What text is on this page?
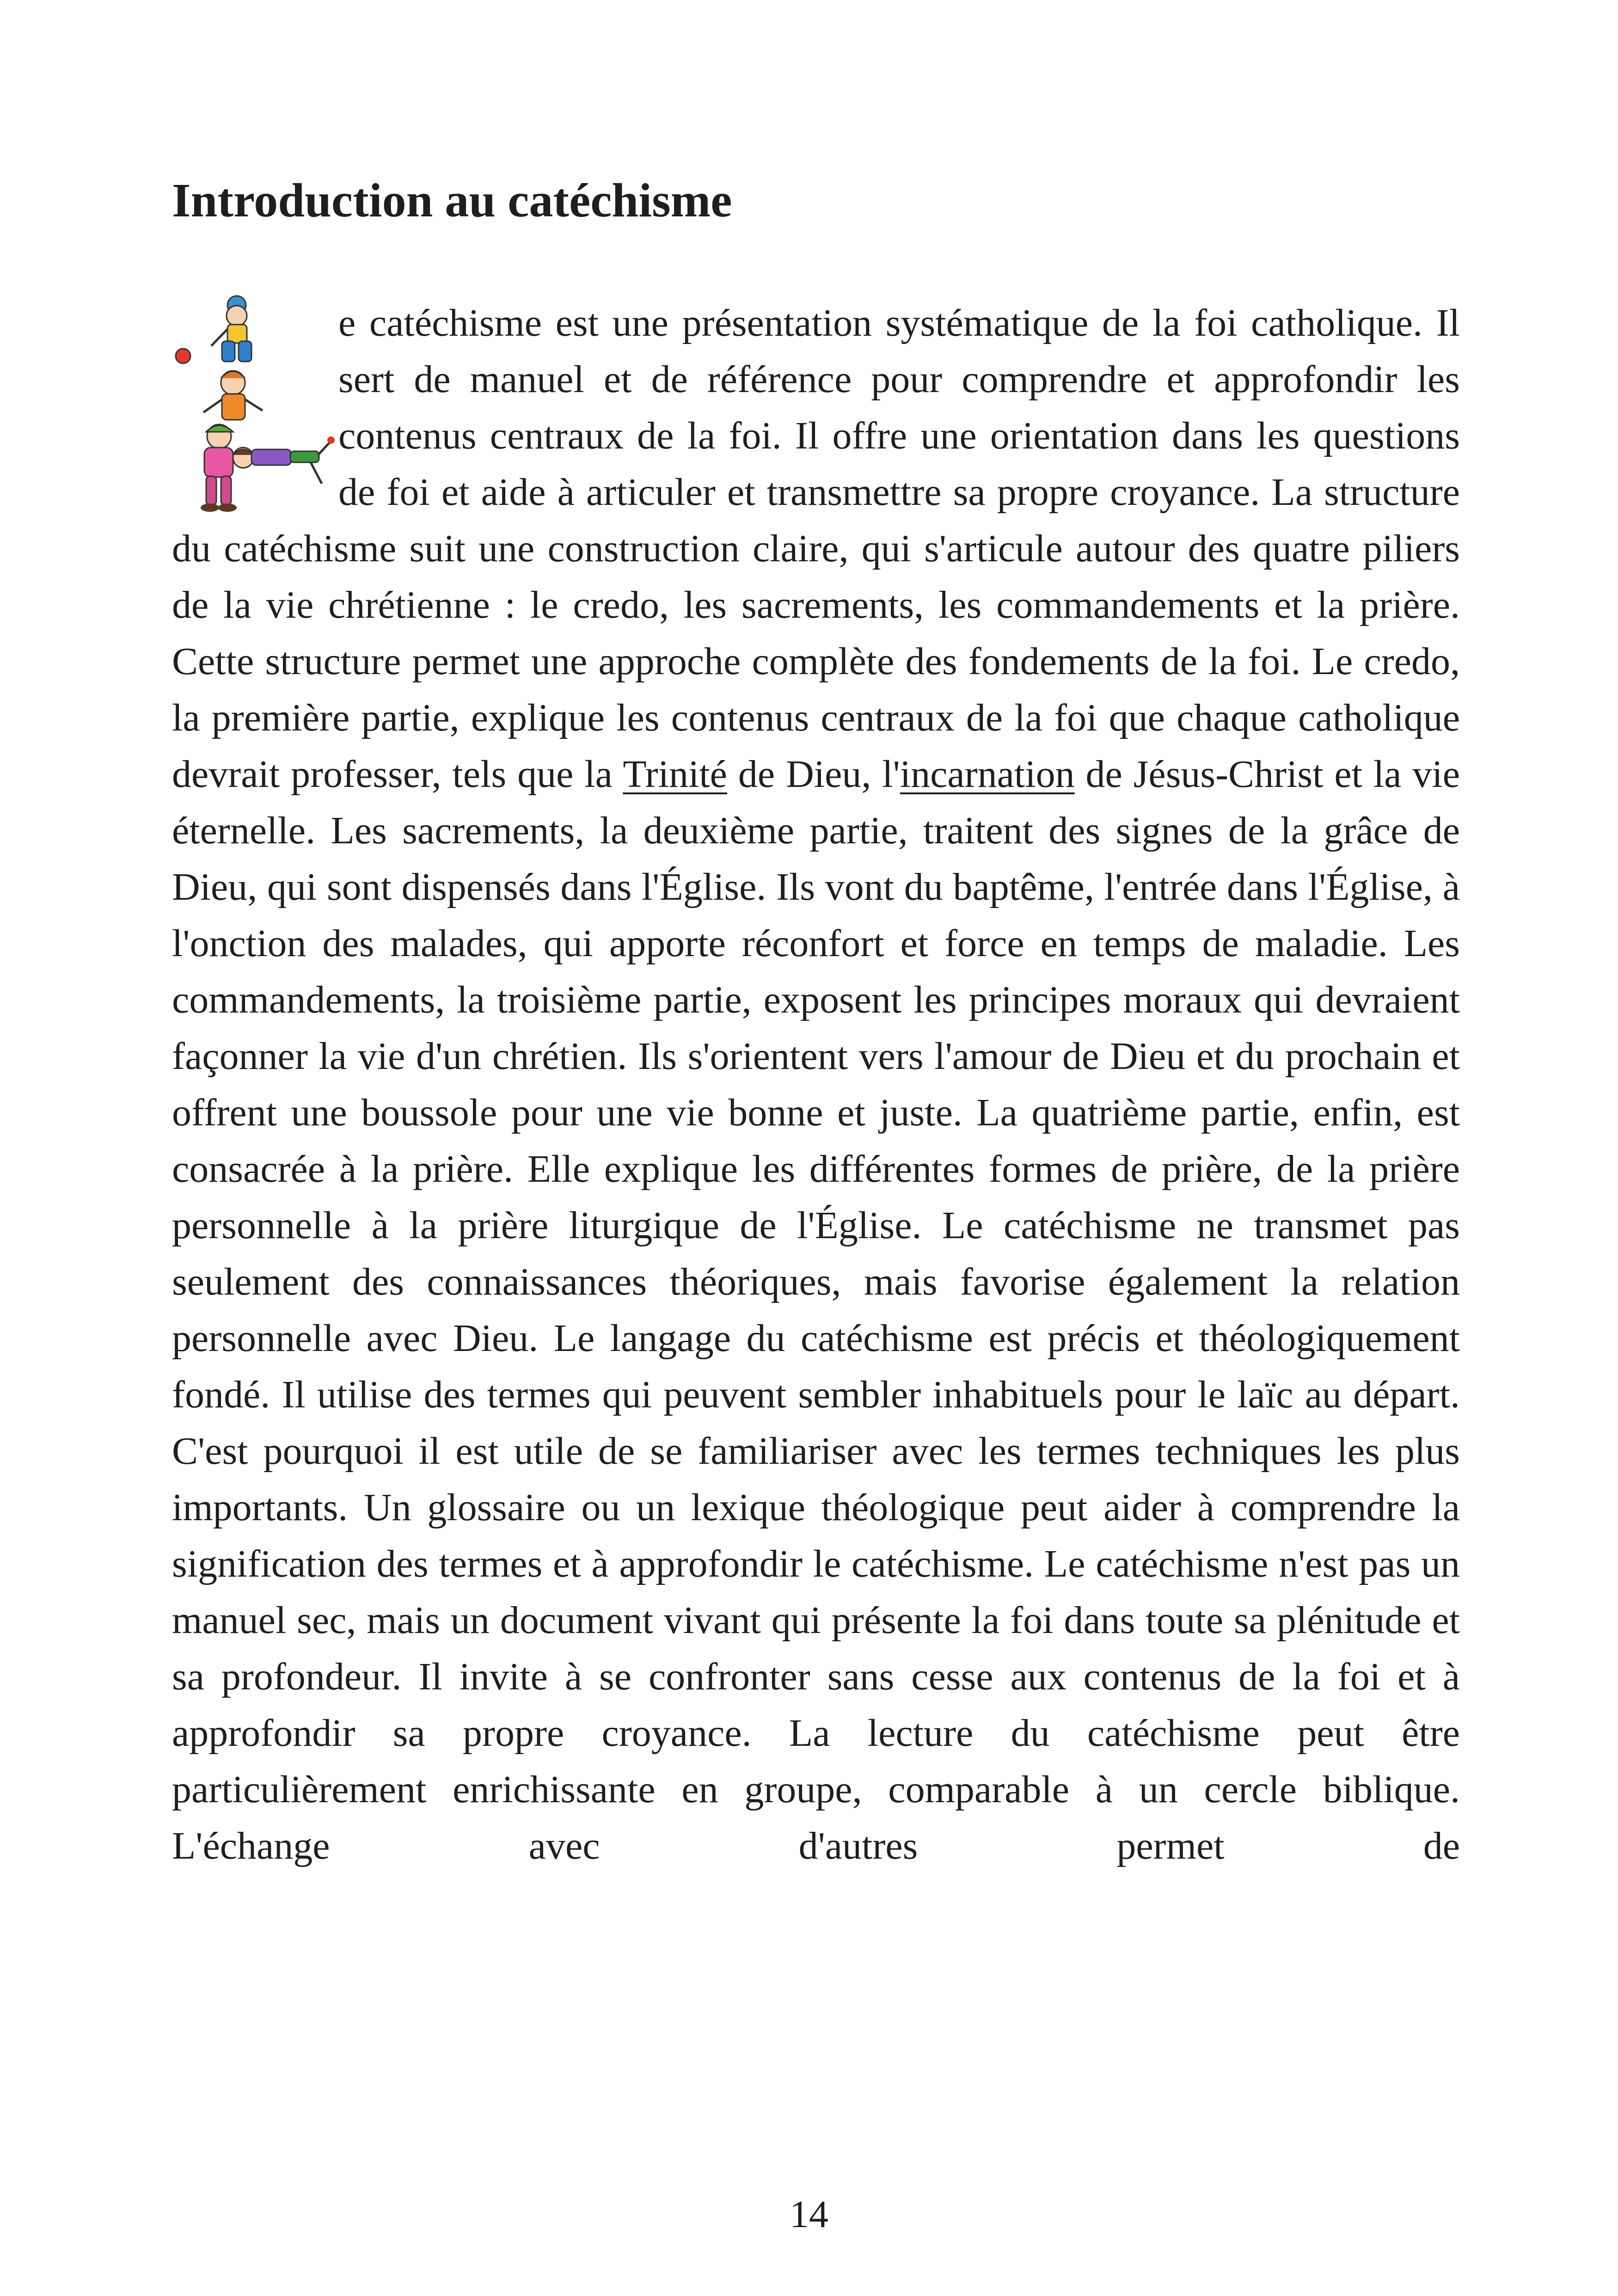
Introduction au catéchisme
e catéchisme est une présentation systématique de la foi catholique. Il sert de manuel et de référence pour comprendre et approfondir les contenus centraux de la foi. Il offre une orientation dans les questions de foi et aide à articuler et transmettre sa propre croyance. La structure du catéchisme suit une construction claire, qui s'articule autour des quatre piliers de la vie chrétienne : le credo, les sacrements, les commandements et la prière. Cette structure permet une approche complète des fondements de la foi. Le credo, la première partie, explique les contenus centraux de la foi que chaque catholique devrait professer, tels que la Trinité de Dieu, l'incarnation de Jésus-Christ et la vie éternelle. Les sacrements, la deuxième partie, traitent des signes de la grâce de Dieu, qui sont dispensés dans l'Église. Ils vont du baptême, l'entrée dans l'Église, à l'onction des malades, qui apporte réconfort et force en temps de maladie. Les commandements, la troisième partie, exposent les principes moraux qui devraient façonner la vie d'un chrétien. Ils s'orientent vers l'amour de Dieu et du prochain et offrent une boussole pour une vie bonne et juste. La quatrième partie, enfin, est consacrée à la prière. Elle explique les différentes formes de prière, de la prière personnelle à la prière liturgique de l'Église. Le catéchisme ne transmet pas seulement des connaissances théoriques, mais favorise également la relation personnelle avec Dieu. Le langage du catéchisme est précis et théologiquement fondé. Il utilise des termes qui peuvent sembler inhabituels pour le laïc au départ. C'est pourquoi il est utile de se familiariser avec les termes techniques les plus importants. Un glossaire ou un lexique théologique peut aider à comprendre la signification des termes et à approfondir le catéchisme. Le catéchisme n'est pas un manuel sec, mais un document vivant qui présente la foi dans toute sa plénitude et sa profondeur. Il invite à se confronter sans cesse aux contenus de la foi et à approfondir sa propre croyance. La lecture du catéchisme peut être particulièrement enrichissante en groupe, comparable à un cercle biblique. L'échange avec d'autres permet de
14
